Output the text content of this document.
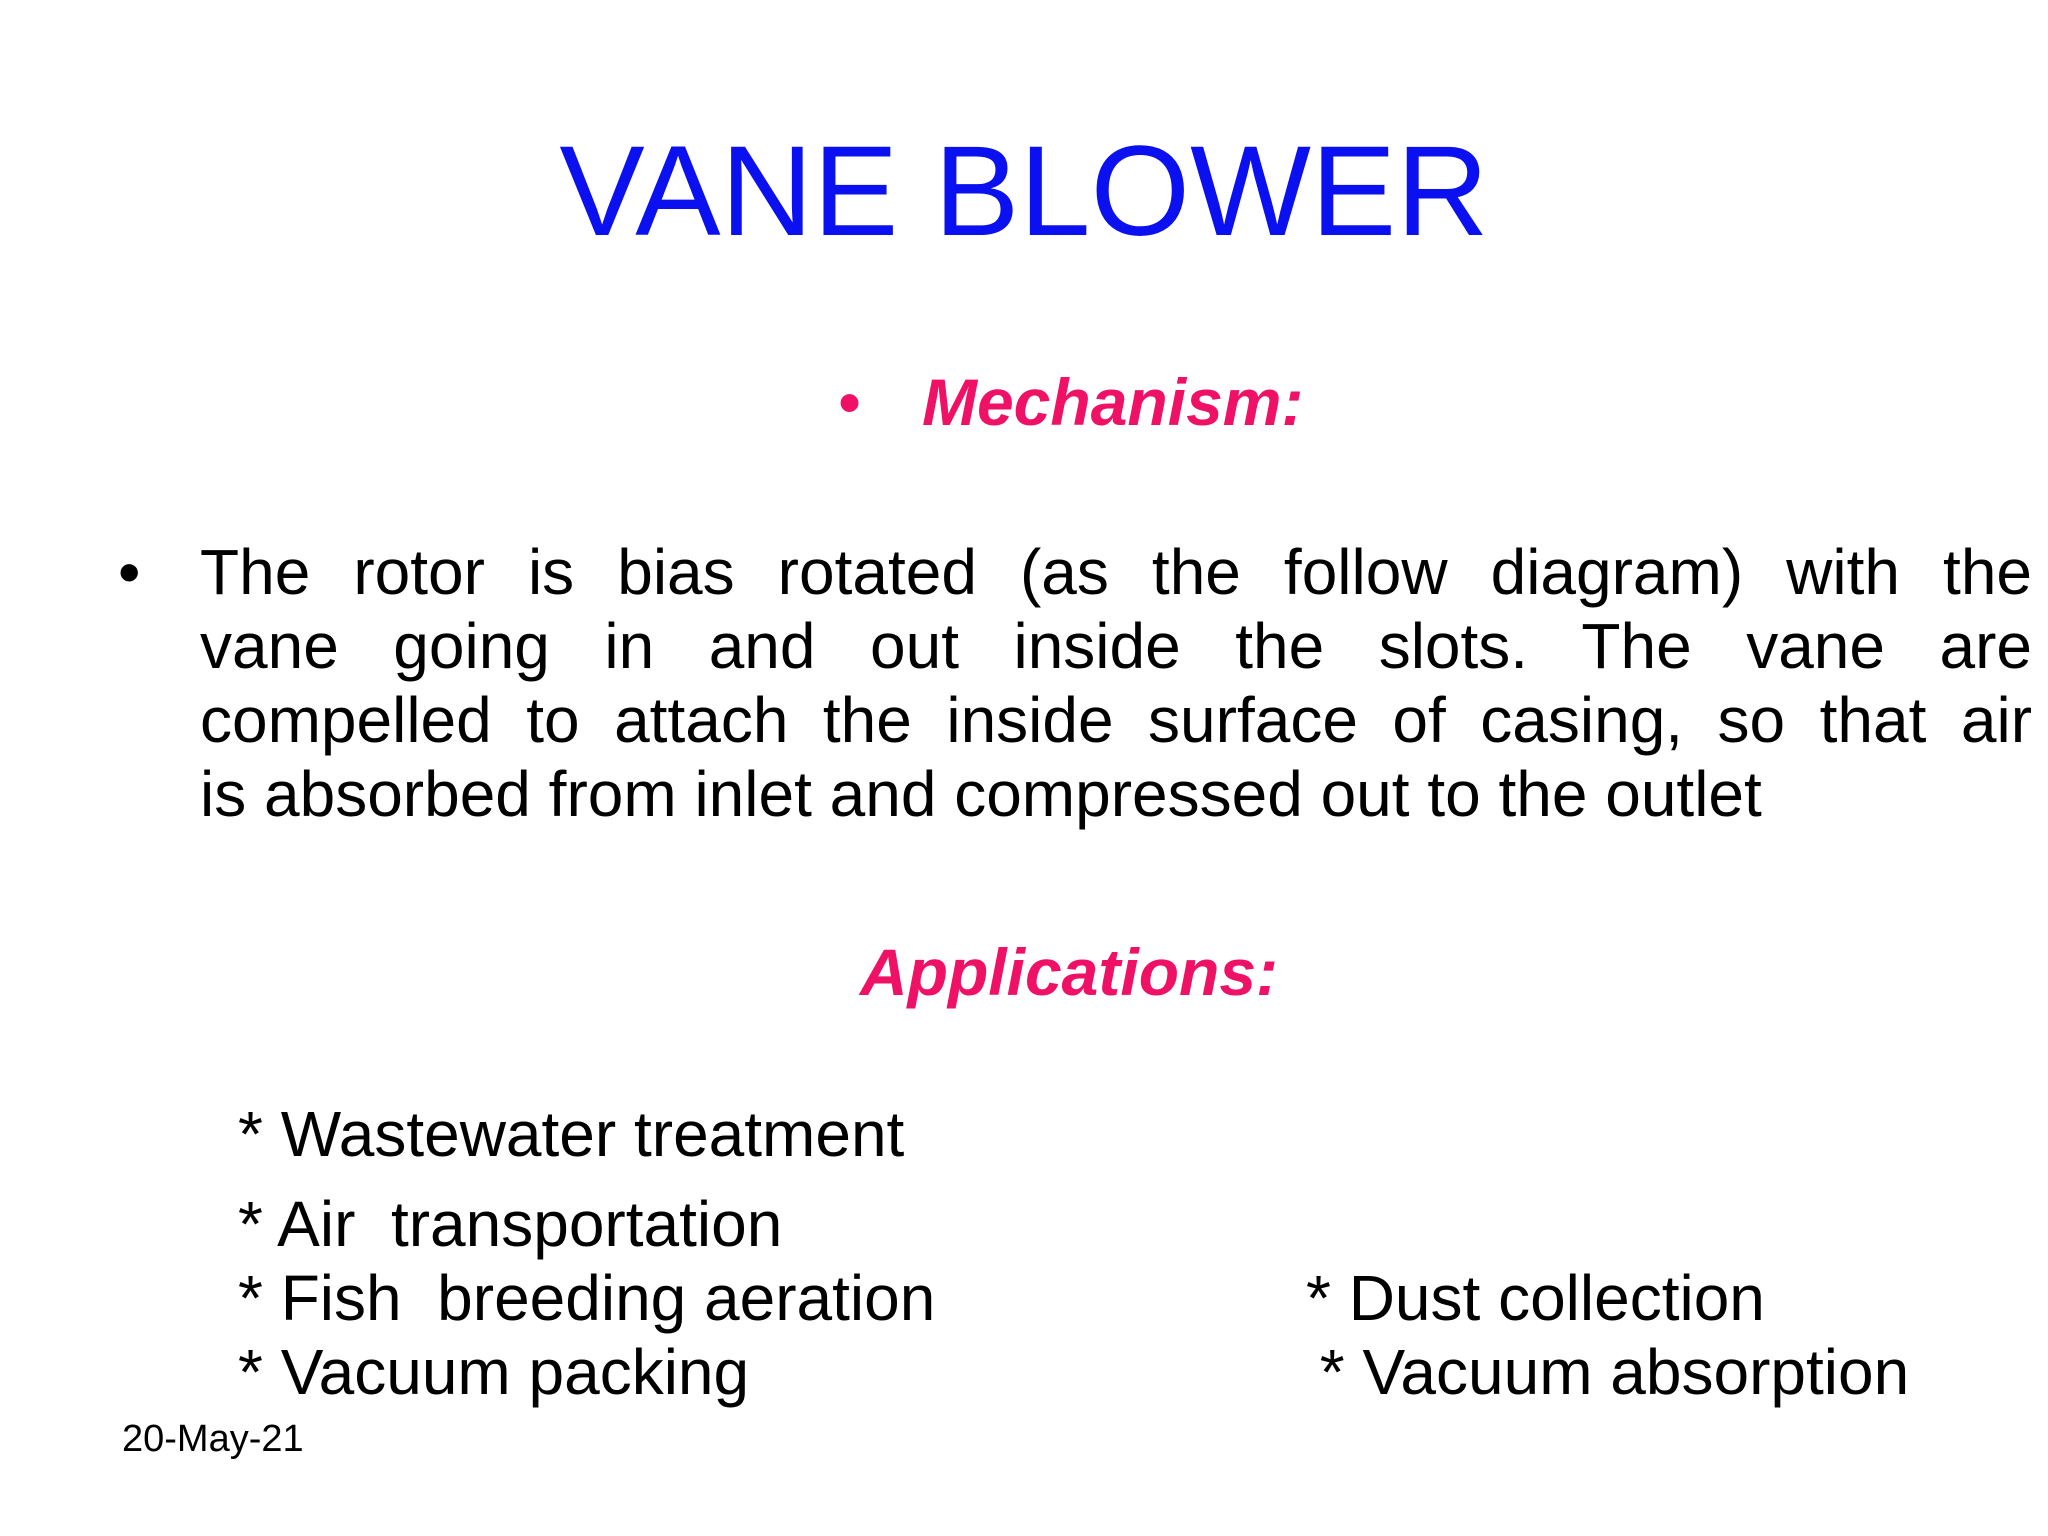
VANE BLOWER
• Mechanism:
• The rotor is bias rotated (as the follow diagram) with the
vane going in and out inside the slots. The vane are
compelled to attach the inside surface of casing, so that air
is absorbed from inlet and compressed out to the outlet
Applications:
* Wastewater treatment
* Air  transportation
* Fish  breeding aeration
* Vacuum packing
* Dust collection
* Vacuum absorption
20-May-21
